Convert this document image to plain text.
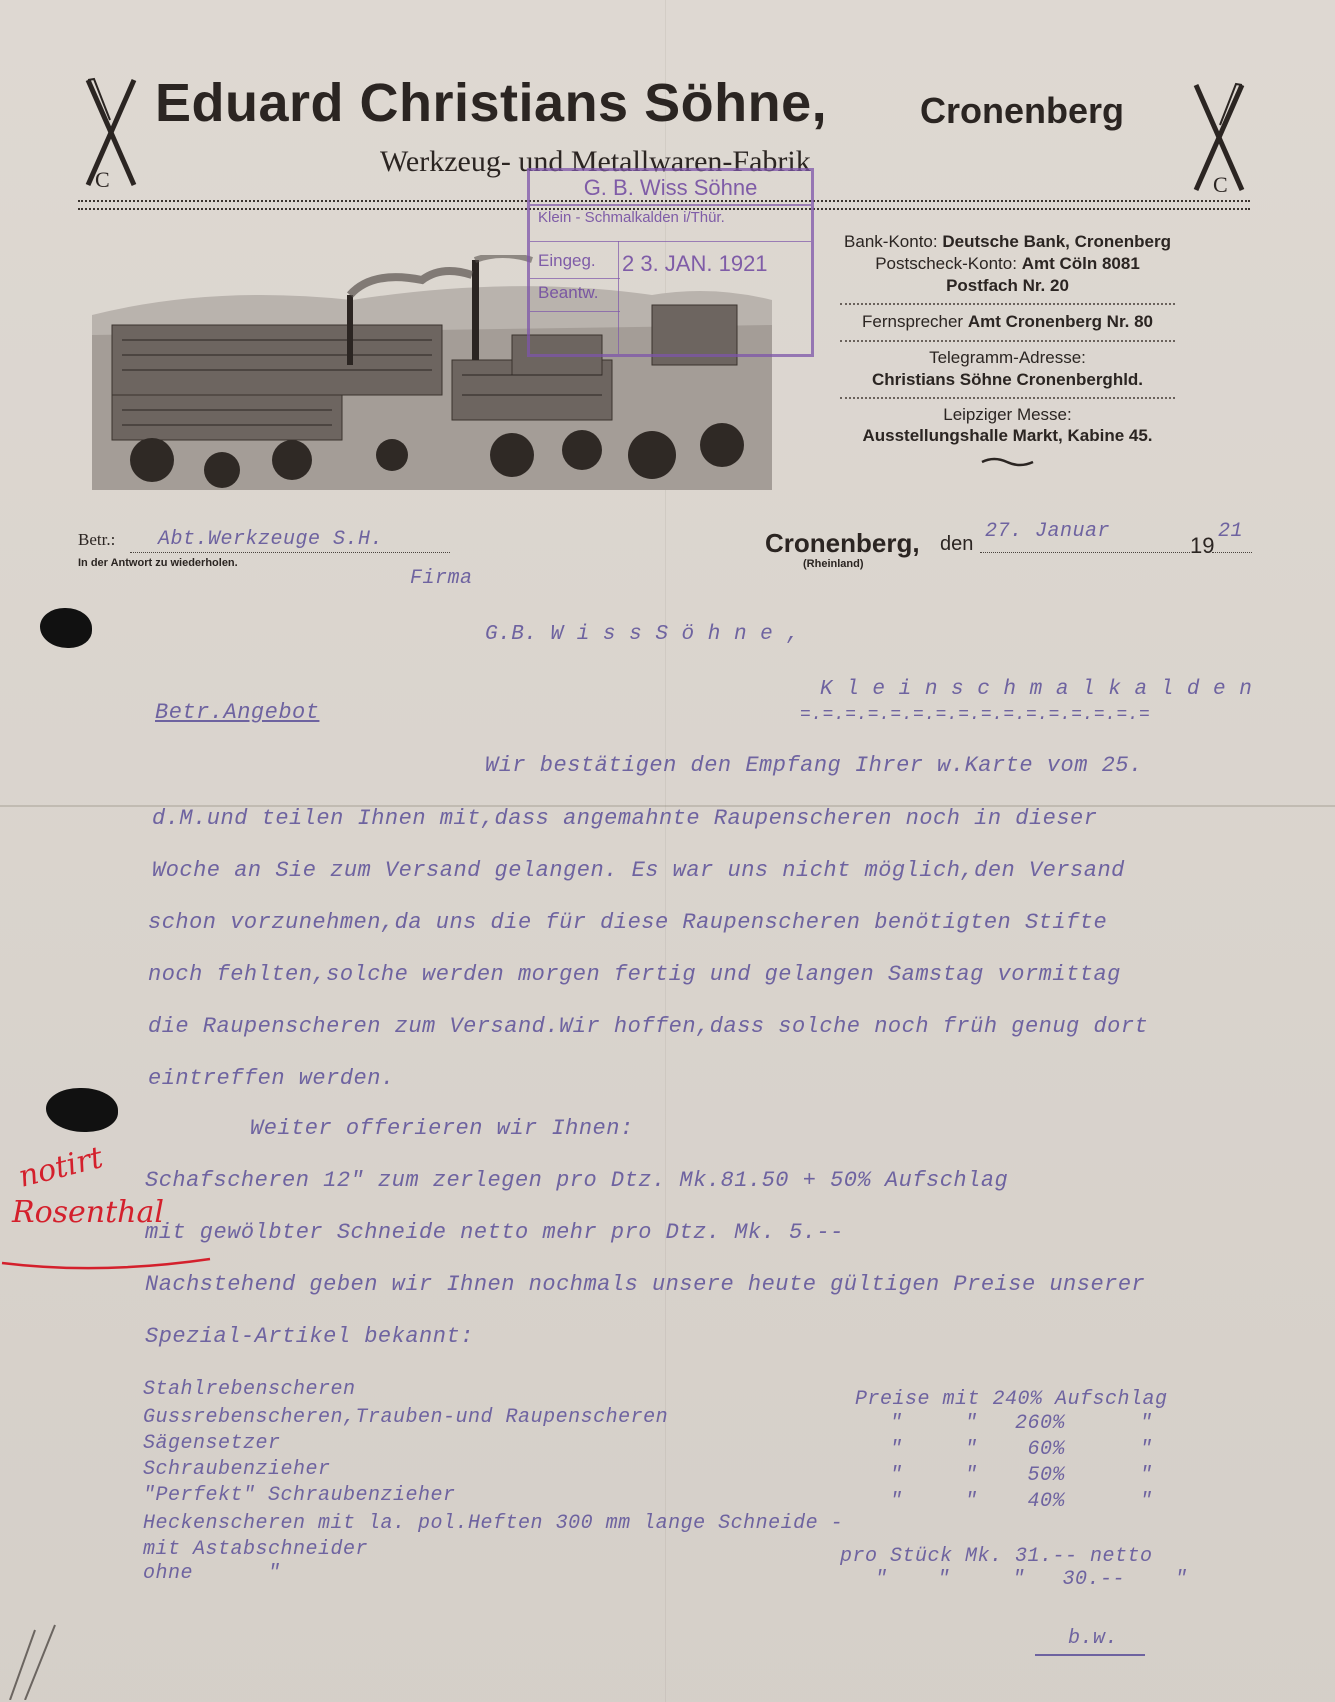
C	C
Eduard Christians Söhne,	Cronenberg
Werkzeug- und Metallwaren-Fabrik
G. B. Wiss Söhne
Klein - Schmalkalden i/Thür.
Eingeg. 2 3. JAN. 1921
Beantw.
Bank-Konto: Deutsche Bank, Cronenberg
Postscheck-Konto: Amt Cöln 8081
Postfach Nr. 20
Fernsprecher Amt Cronenberg Nr. 80
Telegramm-Adresse:
Christians Söhne Cronenberghld.
Leipziger Messe:
Ausstellungshalle Markt, Kabine 45.
Betr.: Abt.Werkzeuge S.H.
In der Antwort zu wiederholen.
Cronenberg,
(Rheinland)
den
27. Januar
19
21
Firma
G.B. W i s s S ö h n e ,
K l e i n s c h m a l k a l d e n
=.=.=.=.=.=.=.=.=.=.=.=.=.=.=.=
Betr.Angebot
Wir bestätigen den Empfang Ihrer w.Karte vom 25.
d.M.und teilen Ihnen mit,dass angemahnte Raupenscheren noch in dieser
Woche an Sie zum Versand gelangen. Es war uns nicht möglich,den Versand
schon vorzunehmen,da uns die für diese Raupenscheren benötigten Stifte
noch fehlten,solche werden morgen fertig und gelangen Samstag vormittag
die Raupenscheren zum Versand.Wir hoffen,dass solche noch früh genug dort
eintreffen werden.
Weiter offerieren wir Ihnen:
Schafscheren 12" zum zerlegen pro Dtz. Mk.81.50 + 50% Aufschlag
mit gewölbter Schneide netto mehr pro Dtz. Mk. 5.--
Nachstehend geben wir Ihnen nochmals unsere heute gültigen Preise unserer
Spezial-Artikel bekannt:
Stahlrebenscheren	Preise mit 240% Aufschlag
Gussrebenscheren,Trauben-und Raupenscheren	"     "   260%      "
Sägensetzer	"     "    60%      "
Schraubenzieher	"     "    50%      "
"Perfekt" Schraubenzieher	"     "    40%      "
Heckenscheren mit la. pol.Heften 300 mm lange Schneide -
mit Astabschneider	pro Stück Mk. 31.-- netto
ohne      "	"    "     "   30.--    "
b.w.
notirt
Rosenthal
